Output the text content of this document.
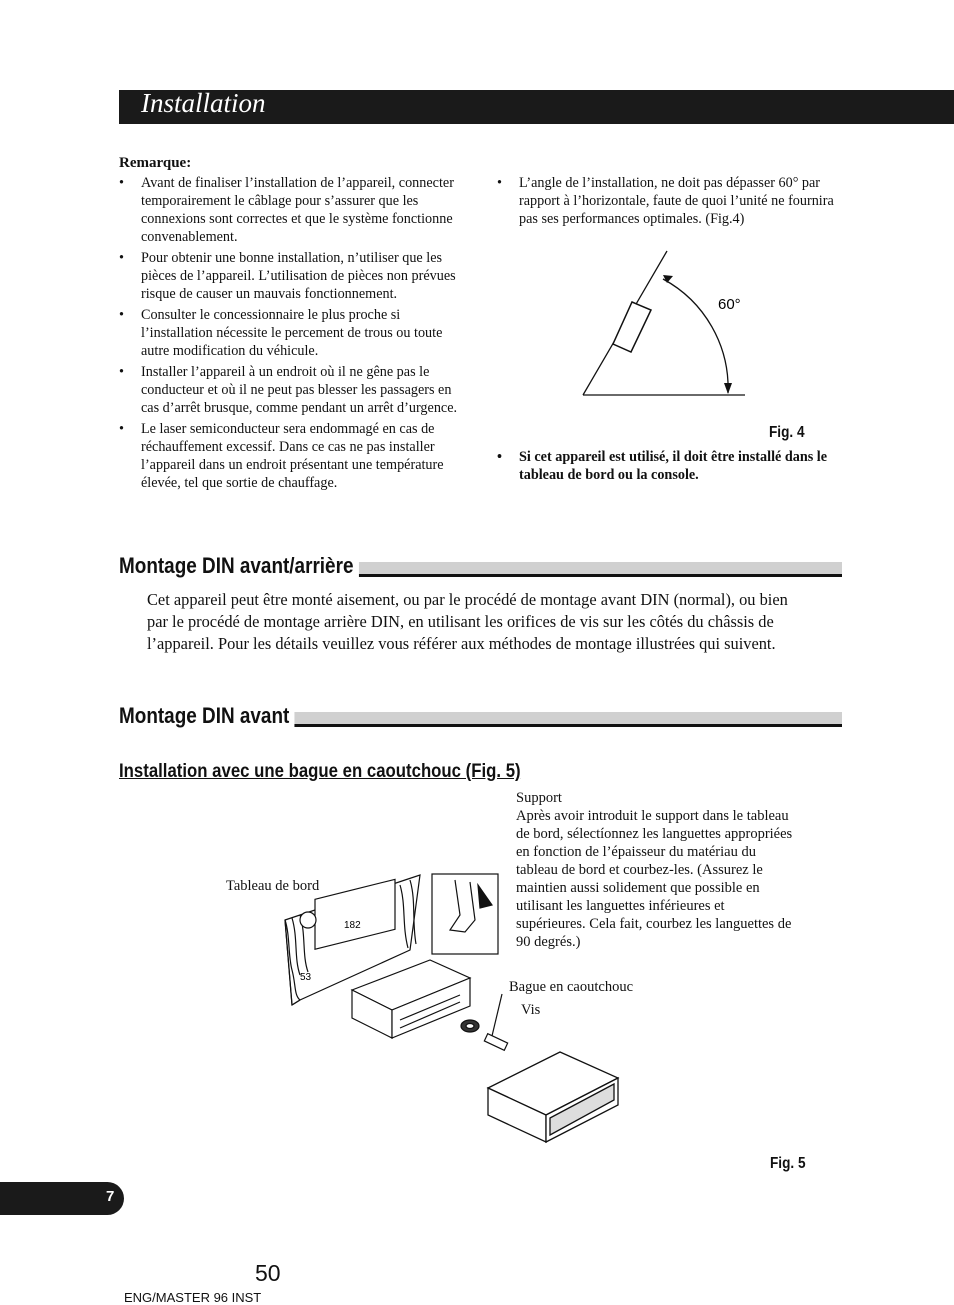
Installation
Remarque:
• Avant de finaliser l’installation de l’appareil, connecter temporairement le câblage pour s’assurer que les connexions sont correctes et que le système fonctionne convenablement.
• Pour obtenir une bonne installation, n’utiliser que les pièces de l’appareil. L’utilisation de pièces non prévues risque de causer un mauvais fonctionnement.
• Consulter le concessionnaire le plus proche si l’installation nécessite le percement de trous ou toute autre modification du véhicule.
• Installer l’appareil à un endroit où il ne gêne pas le conducteur et où il ne peut pas blesser les passagers en cas d’arrêt brusque, comme pendant un arrêt d’urgence.
• Le laser semiconducteur sera endommagé en cas de réchauffement excessif. Dans ce cas ne pas installer l’appareil dans un endroit présentant une température élevée, tel que sortie de chauffage.
• L’angle de l’installation, ne doit pas dépasser 60° par rapport à l’horizontale, faute de quoi l’unité ne fournira pas ses performances optimales. (Fig.4)
60°
Fig. 4
• Si cet appareil est utilisé, il doit être installé dans le tableau de bord ou la console.
Montage DIN avant/arrière
Cet appareil peut être monté aisement, ou par le procédé de montage avant DIN (normal), ou bien par le procédé de montage arrière DIN, en utilisant les orifices de vis sur les côtés du châssis de l’appareil. Pour les détails veuillez vous référer aux méthodes de montage illustrées qui suivent.
Montage DIN avant
Installation avec une bague en caoutchouc (Fig. 5)
Support
Après avoir introduit le support dans le tableau de bord, sélectíonnez les languettes appropriées en fonction de l’épaisseur du matériau du tableau de bord et courbez-les. (Assurez le maintien aussi solidement que possible en utilisant les languettes inférieures et supérieures. Cela fait, courbez les languettes de 90 degrés.)
Tableau de bord
Bague en caoutchouc
Vis
182
53
Fig. 5
7
50
ENG/MASTER 96 INST
